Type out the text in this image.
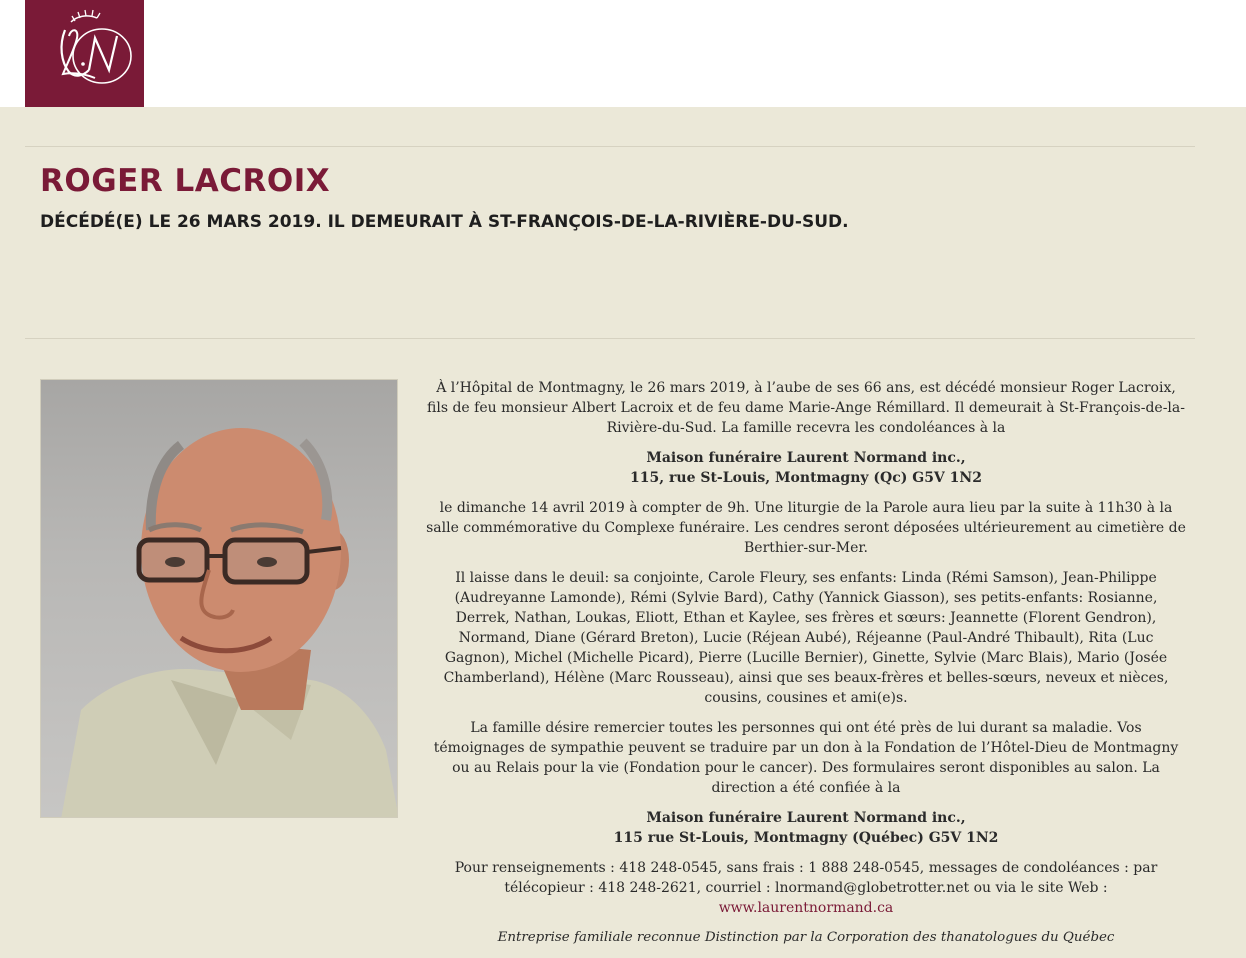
ROGER LACROIX
DÉCÉDÉ(E) LE 26 MARS 2019. IL DEMEURAIT À ST-FRANÇOIS-DE-LA-RIVIÈRE-DU-SUD.

À l’Hôpital de Montmagny, le 26 mars 2019, à l’aube de ses 66 ans, est décédé monsieur Roger Lacroix, fils de feu monsieur Albert Lacroix et de feu dame Marie-Ange Rémillard. Il demeurait à St-François-de-la-Rivière-du-Sud. La famille recevra les condoléances à la

Maison funéraire Laurent Normand inc.,
115, rue St-Louis, Montmagny (Qc) G5V 1N2

le dimanche 14 avril 2019 à compter de 9h. Une liturgie de la Parole aura lieu par la suite à 11h30 à la salle commémorative du Complexe funéraire. Les cendres seront déposées ultérieurement au cimetière de Berthier-sur-Mer.

Il laisse dans le deuil: sa conjointe, Carole Fleury, ses enfants: Linda (Rémi Samson), Jean-Philippe (Audreyanne Lamonde), Rémi (Sylvie Bard), Cathy (Yannick Giasson), ses petits-enfants: Rosianne, Derrek, Nathan, Loukas, Eliott, Ethan et Kaylee, ses frères et sœurs: Jeannette (Florent Gendron), Normand, Diane (Gérard Breton), Lucie (Réjean Aubé), Réjeanne (Paul-André Thibault), Rita (Luc Gagnon), Michel (Michelle Picard), Pierre (Lucille Bernier), Ginette, Sylvie (Marc Blais), Mario (Josée Chamberland), Hélène (Marc Rousseau), ainsi que ses beaux-frères et belles-sœurs, neveux et nièces, cousins, cousines et ami(e)s.

La famille désire remercier toutes les personnes qui ont été près de lui durant sa maladie. Vos témoignages de sympathie peuvent se traduire par un don à la Fondation de l’Hôtel-Dieu de Montmagny ou au Relais pour la vie (Fondation pour le cancer). Des formulaires seront disponibles au salon. La direction a été confiée à la

Maison funéraire Laurent Normand inc.,
115 rue St-Louis, Montmagny (Québec) G5V 1N2

Pour renseignements : 418 248-0545, sans frais : 1 888 248-0545, messages de condoléances : par télécopieur : 418 248-2621, courriel : lnormand@globetrotter.net ou via le site Web :
www.laurentnormand.ca

Entreprise familiale reconnue Distinction par la Corporation des thanatologues du Québec
